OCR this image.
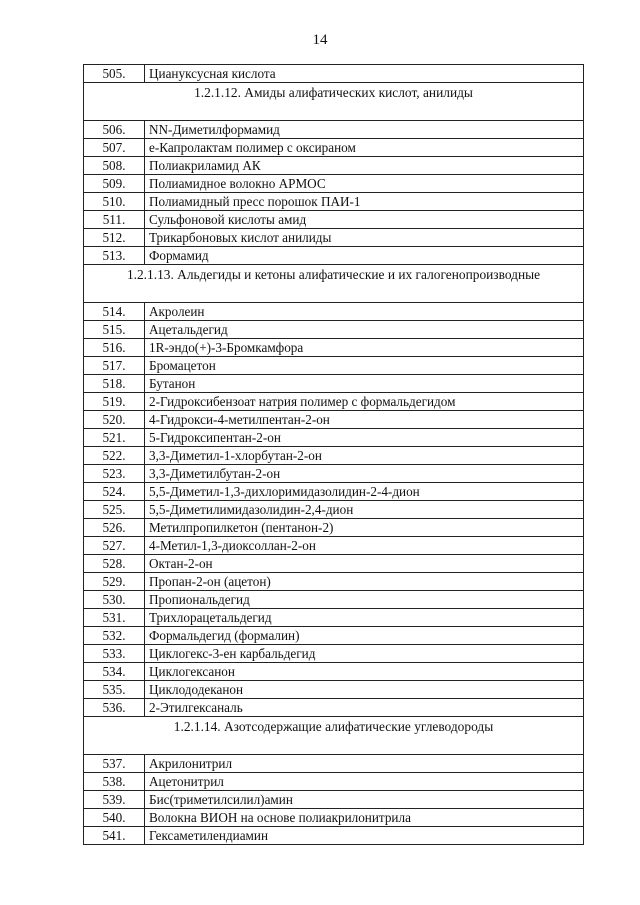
14
505.	Циануксусная кислота
1.2.1.12. Амиды алифатических кислот, анилиды	
506.	NN-Диметилформамид
507.	е-Капролактам полимер с оксираном
508.	Полиакриламид АК
509.	Полиамидное волокно АРМОС
510.	Полиамидный пресс порошок ПАИ-1
511.	Сульфоновой кислоты амид
512.	Трикарбоновых кислот анилиды
513.	Формамид
1.2.1.13. Альдегиды и кетоны алифатические и их галогенопроизводные	
514.	Акролеин
515.	Ацетальдегид
516.	1R-эндо(+)-3-Бромкамфора
517.	Бромацетон
518.	Бутанон
519.	2-Гидроксибензоат натрия полимер с формальдегидом
520.	4-Гидрокси-4-метилпентан-2-он
521.	5-Гидроксипентан-2-он
522.	3,3-Диметил-1-хлорбутан-2-он
523.	3,3-Диметилбутан-2-он
524.	5,5-Диметил-1,3-дихлоримидазолидин-2-4-дион
525.	5,5-Диметилимидазолидин-2,4-дион
526.	Метилпропилкетон (пентанон-2)
527.	4-Метил-1,3-диоксоллан-2-он
528.	Октан-2-он
529.	Пропан-2-он (ацетон)
530.	Пропиональдегид
531.	Трихлорацетальдегид
532.	Формальдегид (формалин)
533.	Циклогекс-3-ен карбальдегид
534.	Циклогексанон
535.	Циклододеканон
536.	2-Этилгексаналь
1.2.1.14. Азотсодержащие алифатические углеводороды	
537.	Акрилонитрил
538.	Ацетонитрил
539.	Бис(триметилсилил)амин
540.	Волокна ВИОН на основе полиакрилонитрила
541.	Гексаметилендиамин
